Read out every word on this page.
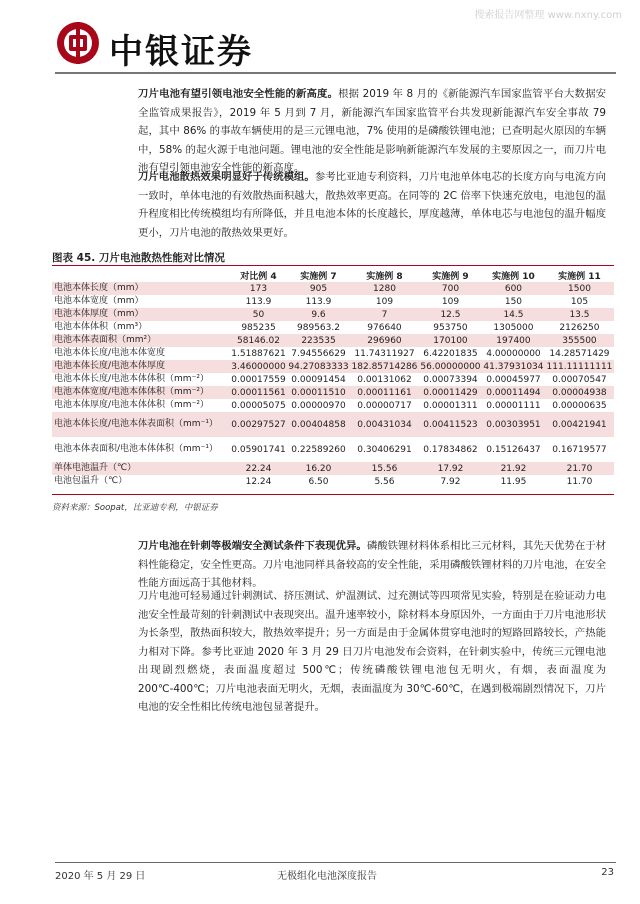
搜索报告网整理 www.nxny.com
中银证券

刀片电池有望引领电池安全性能的新高度。根据 2019 年 8 月的《新能源汽车国家监管平台大数据安全监管成果报告》，2019 年 5 月到 7 月，新能源汽车国家监管平台共发现新能源汽车安全事故 79 起，其中 86% 的事故车辆使用的是三元锂电池，7% 使用的是磷酸铁锂电池；已查明起火原因的车辆中，58% 的起火源于电池问题。锂电池的安全性能是影响新能源汽车发展的主要原因之一，而刀片电池有望引领电池安全性能的新高度。

刀片电池散热效果明显好于传统模组。参考比亚迪专利资料，刀片电池单体电芯的长度方向与电流方向一致时，单体电池的有效散热面积越大，散热效率更高。在同等的 2C 倍率下快速充放电，电池包的温升程度相比传统模组均有所降低，并且电池本体的长度越长，厚度越薄，单体电芯与电池包的温升幅度更小，刀片电池的散热效果更好。

图表 45. 刀片电池散热性能对比情况
	对比例 4	实施例 7	实施例 8	实施例 9	实施例 10	实施例 11
电池本体长度（mm）	173	905	1280	700	600	1500
电池本体宽度（mm）	113.9	113.9	109	109	150	105
电池本体厚度（mm）	50	9.6	7	12.5	14.5	13.5
电池本体体积（mm³）	985235	989563.2	976640	953750	1305000	2126250
电池本体表面积（mm²）	58146.02	223535	296960	170100	197400	355500
电池本体长度/电池本体宽度	1.51887621	7.94556629	11.74311927	6.42201835	4.00000000	14.28571429
电池本体长度/电池本体厚度	3.46000000	94.27083333	182.85714286	56.00000000	41.37931034	111.11111111
电池本体长度/电池本体体积（mm⁻²）	0.00017559	0.00091454	0.00131062	0.00073394	0.00045977	0.00070547
电池本体宽度/电池本体体积（mm⁻²）	0.00011561	0.00011510	0.00011161	0.00011429	0.00011494	0.00004938
电池本体厚度/电池本体体积（mm⁻²）	0.00005075	0.00000970	0.00000717	0.00001311	0.00001111	0.00000635
电池本体长度/电池本体表面积（mm⁻¹）	0.00297527	0.00404858	0.00431034	0.00411523	0.00303951	0.00421941
电池本体表面积/电池本体体积（mm⁻¹）	0.05901741	0.22589260	0.30406291	0.17834862	0.15126437	0.16719577
单体电池温升（℃）	22.24	16.20	15.56	17.92	21.92	21.70
电池包温升（℃）	12.24	6.50	5.56	7.92	11.95	11.70
资料来源：Soopat，比亚迪专利，中银证券

刀片电池在针刺等极端安全测试条件下表现优异。磷酸铁锂材料体系相比三元材料，其先天优势在于材料性能稳定，安全性更高。刀片电池同样具备较高的安全性能，采用磷酸铁锂材料的刀片电池，在安全性能方面远高于其他材料。

刀片电池可轻易通过针刺测试、挤压测试、炉温测试、过充测试等四项常见实验，特别是在验证动力电池安全性最苛刻的针刺测试中表现突出。温升速率较小，除材料本身原因外，一方面由于刀片电池形状为长条型，散热面积较大，散热效率提升；另一方面是由于金属体贯穿电池时的短路回路较长，产热能力相对下降。参考比亚迪 2020 年 3 月 29 日刀片电池发布会资料，在针刺实验中，传统三元锂电池出现剧烈燃烧，表面温度超过 500℃；传统磷酸铁锂电池包无明火，有烟，表面温度为 200℃-400℃；刀片电池表面无明火，无烟，表面温度为 30℃-60℃，在遇到极端剧烈情况下，刀片电池的安全性相比传统电池包显著提升。

2020 年 5 月 29 日	无极组化电池深度报告	23
